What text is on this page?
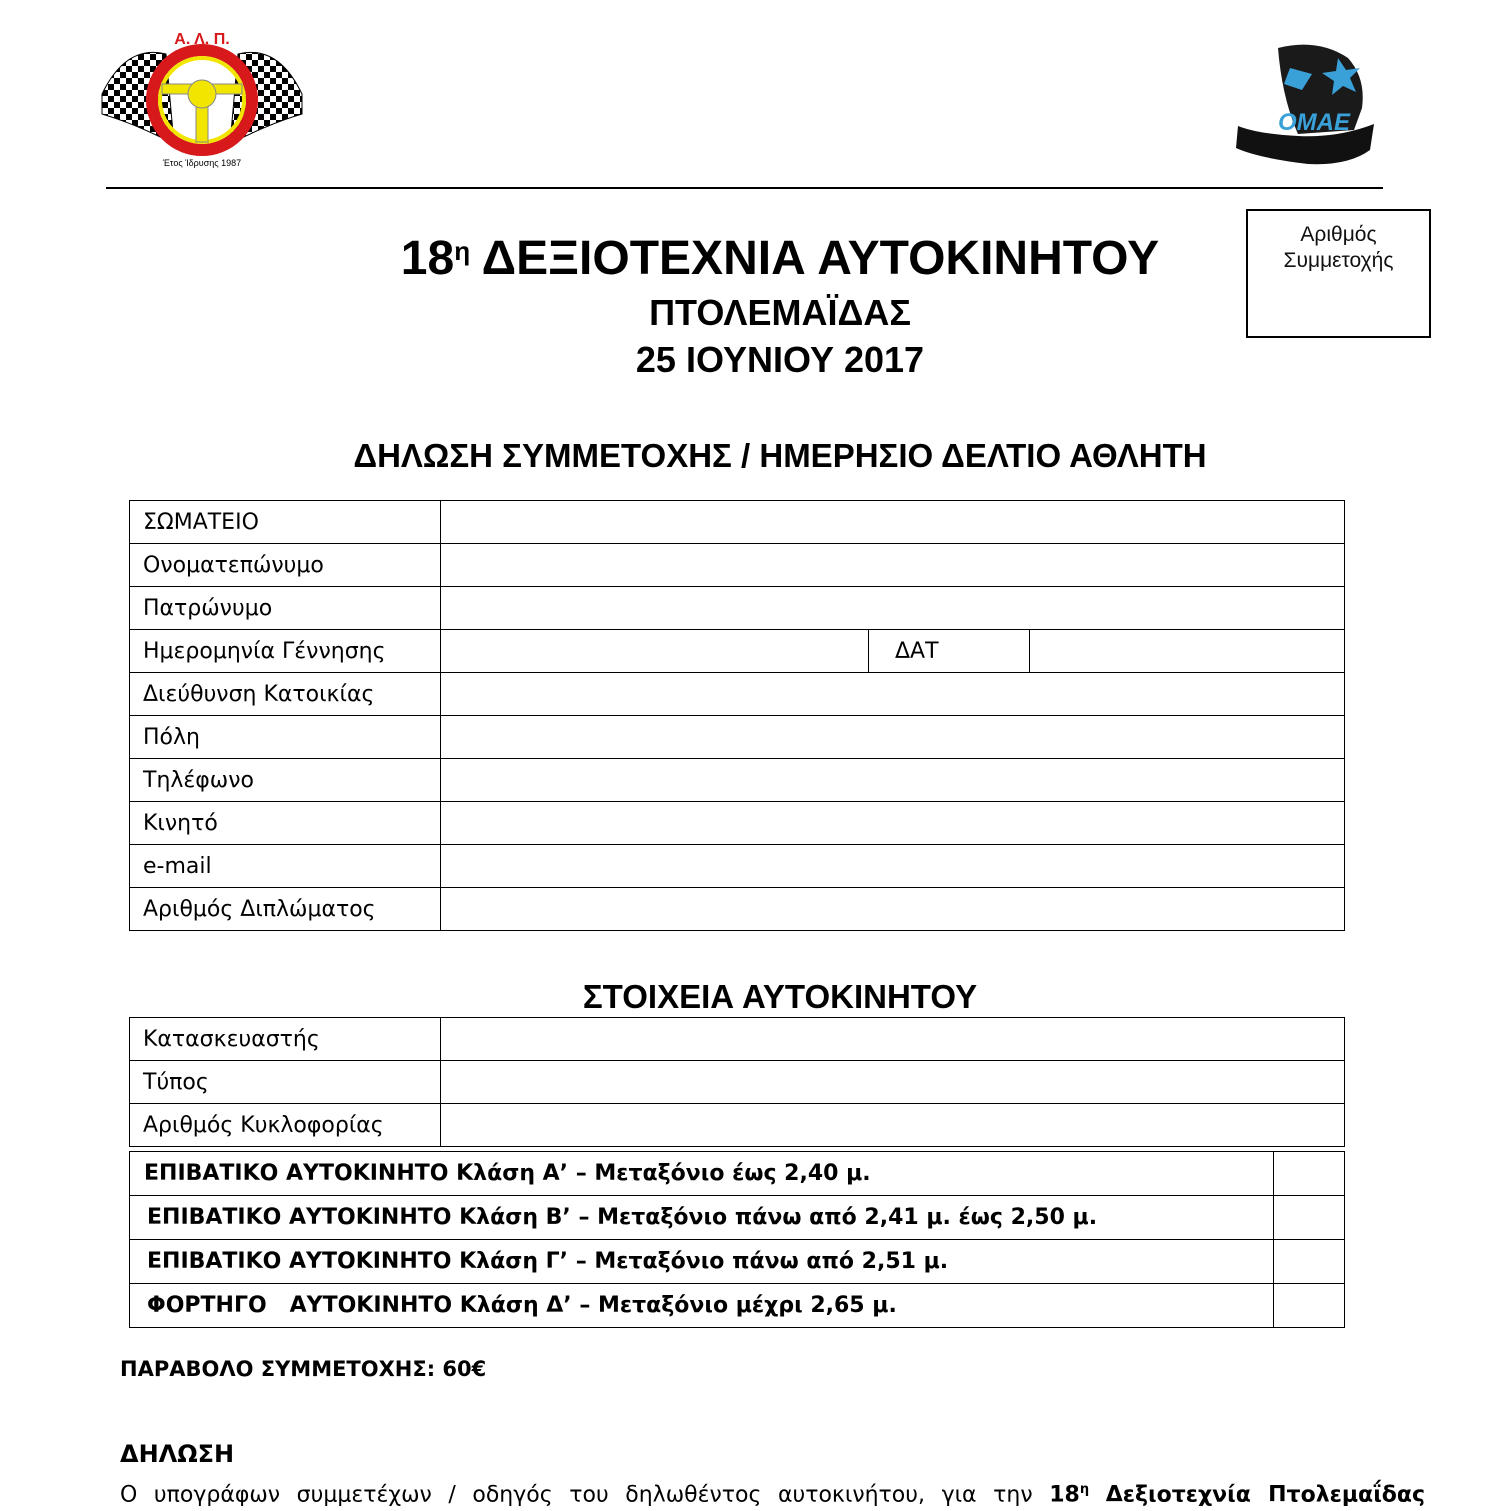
Α. Λ. Π.
Έτος Ίδρυσης 1987
ΟΜΑΕ
Αριθμός
Συμμετοχής
$18^\eta$ ΔΕΞΙΟΤΕΧΝΙΑ ΑΥΤΟΚΙΝΗΤΟΥ
ΠΤΟΛΕΜΑΪΔΑΣ
25 ΙΟΥΝΙΟΥ 2017
ΔΗΛΩΣΗ ΣΥΜΜΕΤΟΧΗΣ / ΗΜΕΡΗΣΙΟ ΔΕΛΤΙΟ ΑΘΛΗΤΗ
ΣΩΜΑΤΕΙΟ			
Ονοματεπώνυμο			
Πατρώνυμο			
Ημερομηνία Γέννησης		ΔΑΤ	
Διεύθυνση Κατοικίας			
Πόλη			
Τηλέφωνο			
Κινητό			
e-mail			
Αριθμός Διπλώματος			
ΣΤΟΙΧΕΙΑ ΑΥΤΟΚΙΝΗΤΟΥ
Κατασκευαστής	
Τύπος	
Αριθμός Κυκλοφορίας	
ΕΠΙΒΑΤΙΚΟ ΑΥΤΟΚΙΝΗΤΟ Κλάση Α’ – Μεταξόνιο έως 2,40 μ.	
ΕΠΙΒΑΤΙΚΟ ΑΥΤΟΚΙΝΗΤΟ Κλάση Β’ – Μεταξόνιο πάνω από 2,41 μ. έως 2,50 μ.	
ΕΠΙΒΑΤΙΚΟ ΑΥΤΟΚΙΝΗΤΟ Κλάση Γ’ – Μεταξόνιο πάνω από 2,51 μ.	
ΦΟΡΤΗΓΟ   ΑΥΤΟΚΙΝΗΤΟ Κλάση Δ’ – Μεταξόνιο μέχρι 2,65 μ.	
ΠΑΡΑΒΟΛΟ ΣΥΜΜΕΤΟΧΗΣ: 60€
ΔΗΛΩΣΗ
Ο υπογράφων συμμετέχων / οδηγός του δηλωθέντος αυτοκινήτου, για την $18^\eta$ Δεξιοτεχνία Πτολεμαΐδας
